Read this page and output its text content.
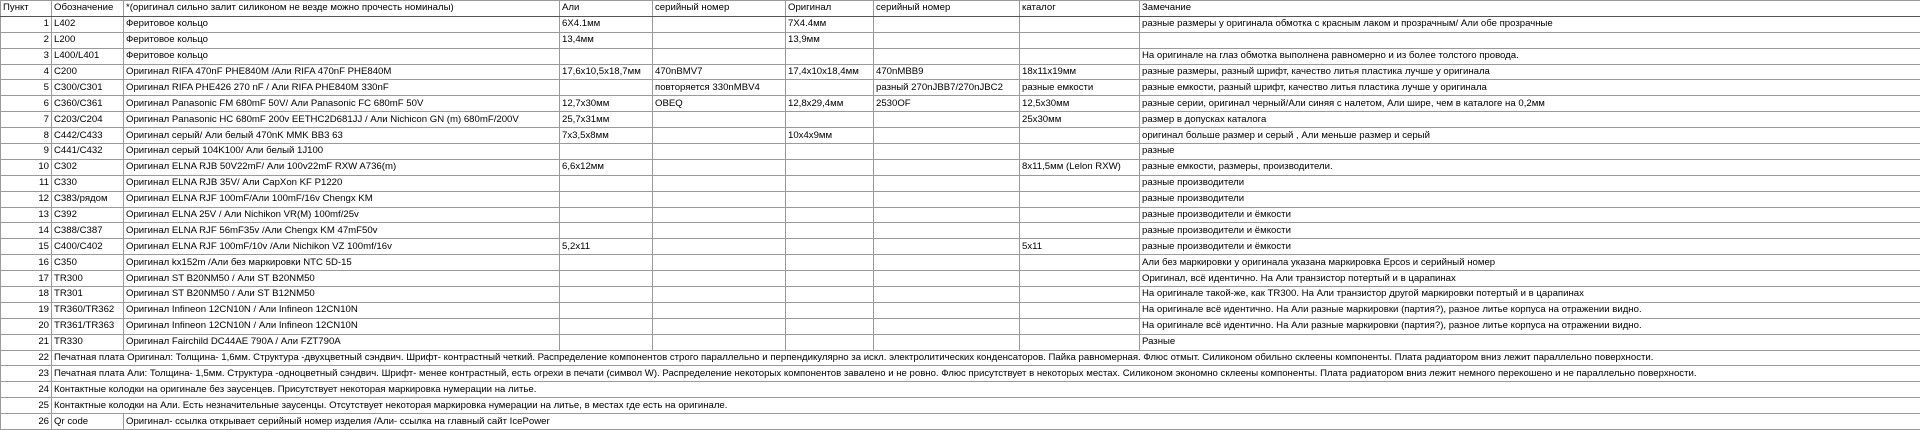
Пункт	Обозначение	*(оригинал сильно залит силиконом не везде можно прочесть номиналы)	Али	серийный номер	Оригинал	серийный номер	каталог	Замечание
1	L402	Феритовое кольцо	6Х4.1мм		7Х4.4мм			разные размеры у оригинала обмотка с красным лаком и прозрачным/ Али обе прозрачные
2	L200	Феритовое кольцо	13,4мм		13,9мм			
3	L400/L401	Феритовое кольцо						На оригинале на глаз обмотка выполнена равномерно и из более толстого провода.
4	C200	Оригинал RIFA 470nF PHE840M /Али RIFA 470nF PHE840M	17,6x10,5x18,7мм	470nBMV7	17,4x10x18,4мм	470nMBB9	18x11x19мм	разные размеры, разный шрифт, качество литья пластика лучше у оригинала
5	C300/C301	Оригинал RIFA PHE426 270 nF / Али RIFA PHE840M 330nF		повторяется 330nMBV4		разный 270nJBB7/270nJBC2	разные емкости	разные емкости, разный шрифт, качество литья пластика лучше у оригинала
6	C360/C361	Оригинал Panasonic FM 680mF 50V/ Али Panasonic FC 680mF 50V	12,7x30мм	OBEQ	12,8x29,4мм	2530OF	12,5x30мм	разные серии, оригинал черный/Али синяя с налетом, Али шире, чем в каталоге на 0,2мм
7	C203/C204	Оригинал Panasonic HC 680mF 200v EETHC2D681JJ / Али Nichicon GN (m) 680mF/200V	25,7x31мм				25x30мм	размер в допусках каталога
8	C442/C433	Оригинал серый/ Али белый 470nK MMK BB3 63	7x3,5x8мм		10x4x9мм			оригинал больше размер и серый , Али меньше размер и серый
9	C441/C432	Оригинал серый 104K100/ Али белый 1J100						разные
10	C302	Оригинал ELNA RJB 50V22mF/ Али 100v22mF RXW A736(m)	6,6x12мм				8x11,5мм (Lelon RXW)	разные емкости, размеры, производители.
11	C330	Оригинал ELNA RJB 35V/ Али CapXon KF P1220						разные производители
12	C383/рядом	Оригинал ELNA RJF 100mF/Али 100mF/16v Chengx KM						разные производители
13	C392	Оригинал ELNA 25V / Али Nichikon VR(M) 100mf/25v						разные производители и ёмкости
14	C388/C387	Оригинал ELNA RJF 56mF35v /Али Chengx KM 47mF50v						разные производители и ёмкости
15	C400/C402	Оригинал ELNA RJF 100mF/10v /Али Nichikon VZ 100mf/16v	5,2x11				5x11	разные производители и ёмкости
16	C350	Оригинал kx152m /Али без маркировки NTC 5D-15						Али без маркировки у оригинала указана маркировка Epcos и серийный номер
17	TR300	Оригинал ST B20NM50 / Али ST B20NM50						Оригинал, всё идентично. На Али транзистор потертый и в царапинах
18	TR301	Оригинал ST B20NM50 / Али ST B12NM50						На оригинале такой-же, как TR300. На Али транзистор другой маркировки потертый и в царапинах
19	TR360/TR362	Оригинал Infineon 12CN10N / Али Infineon 12CN10N						На оригинале всё идентично. На Али разные маркировки (партия?), разное литье корпуса на отражении видно.
20	TR361/TR363	Оригинал Infineon 12CN10N / Али Infineon 12CN10N						На оригинале всё идентично. На Али разные маркировки (партия?), разное литье корпуса на отражении видно.
21	TR330	Оригинал Fairchild DC44AE 790A / Али FZT790A						Разные
22	Печатная плата Оригинал: Толщина- 1,6мм. Структура -двухцветный сэндвич. Шрифт- контрастный четкий. Распределение компонентов строго параллельно и перпендикулярно за искл. электролитических конденсаторов. Пайка равномерная. Флюс отмыт. Силиконом обильно склеены компоненты. Плата радиатором вниз лежит параллельно поверхности.							
23	Печатная плата Али: Толщина- 1,5мм. Структура -одноцветный сэндвич. Шрифт- менее контрастный, есть огрехи в печати (символ W). Распределение некоторых компонентов завалено и не ровно. Флюс присутствует в некоторых местах. Силиконом экономно склеены компоненты. Плата радиатором вниз лежит немного перекошено и не параллельно поверхности.							
24	Контактные колодки на оригинале без заусенцев. Присутствует некоторая маркировка нумерации на литье.							
25	Контактные колодки на Али. Есть незначительные заусенцы. Отсутствует некоторая маркировка нумерации на литье, в местах где есть на оригинале.							
26	Qr code	Оригинал- ссылка открывает серийный номер изделия /Али- ссылка на главный сайт IcePower						
